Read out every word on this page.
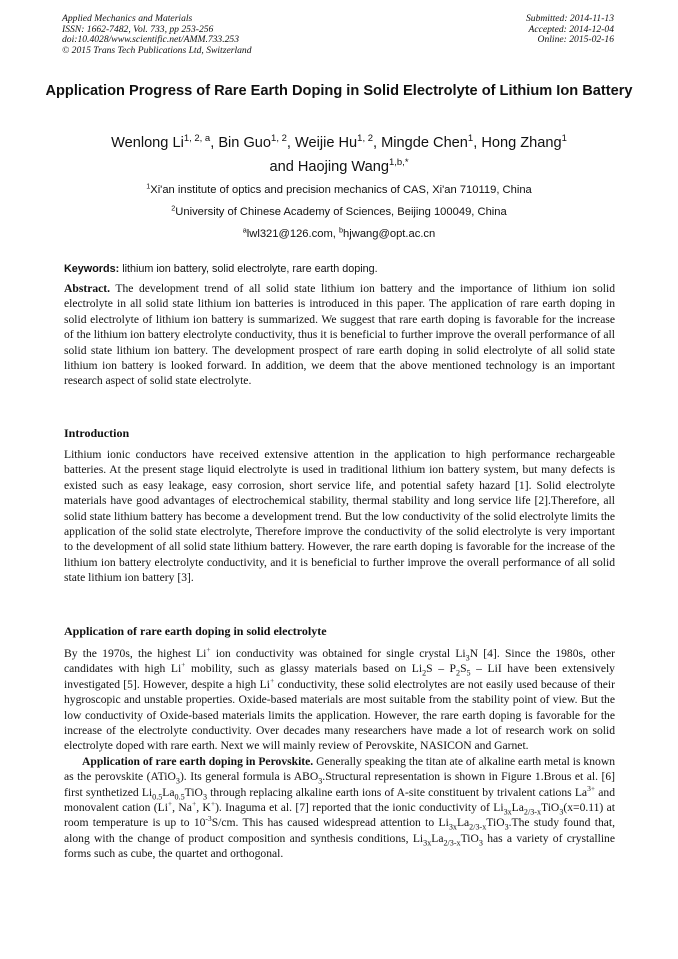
Applied Mechanics and Materials
ISSN: 1662-7482, Vol. 733, pp 253-256
doi:10.4028/www.scientific.net/AMM.733.253
© 2015 Trans Tech Publications Ltd, Switzerland
Submitted: 2014-11-13
Accepted: 2014-12-04
Online: 2015-02-16
Application Progress of Rare Earth Doping in Solid Electrolyte of Lithium Ion Battery
Wenlong Li$^{1, 2, a}$, Bin Guo$^{1, 2}$, Weijie Hu$^{1, 2}$, Mingde Chen$^1$, Hong Zhang$^1$
and Haojing Wang$^{1,b,*}$
$^1$Xi'an institute of optics and precision mechanics of CAS, Xi'an 710119, China
$^2$University of Chinese Academy of Sciences, Beijing 100049, China
$^a$lwl321@126.com, $^b$hjwang@opt.ac.cn
Keywords: lithium ion battery, solid electrolyte, rare earth doping.

Abstract. The development trend of all solid state lithium ion battery and the importance of lithium ion solid electrolyte in all solid state lithium ion batteries is introduced in this paper. The application of rare earth doping in solid electrolyte of lithium ion battery is summarized. We suggest that rare earth doping is favorable for the increase of the lithium ion battery electrolyte conductivity, thus it is beneficial to further improve the overall performance of all solid state lithium ion battery. The development prospect of rare earth doping in solid electrolyte of all solid state lithium ion battery is looked forward. In addition, we deem that the above mentioned technology is an important research aspect of solid state electrolyte.

Introduction

Lithium ionic conductors have received extensive attention in the application to high performance rechargeable batteries. At the present stage liquid electrolyte is used in traditional lithium ion battery system, but many defects is existed such as easy leakage, easy corrosion, short service life, and potential safety hazard [1]. Solid electrolyte materials have good advantages of electrochemical stability, thermal stability and long service life [2].Therefore, all solid state lithium battery has become a development trend. But the low conductivity of the solid electrolyte limits the application of the solid state electrolyte, Therefore improve the conductivity of the solid electrolyte is very important to the development of all solid state lithium battery. However, the rare earth doping is favorable for the increase of the lithium ion battery electrolyte conductivity, and it is beneficial to further improve the overall performance of all solid state lithium ion battery [3].

Application of rare earth doping in solid electrolyte

By the 1970s, the highest Li+ ion conductivity was obtained for single crystal $Li_3N$ [4]. Since the 1980s, other candidates with high Li+ mobility, such as glassy materials based on $Li_2S - P_2S_5$ – LiI have been extensively investigated [5]. However, despite a high Li+ conductivity, these solid electrolytes are not easily used because of their hygroscopic and unstable properties. Oxide-based materials are most suitable from the stability point of view. But the low conductivity of Oxide-based materials limits the application. However, the rare earth doping is favorable for the increase of the electrolyte conductivity. Over decades many researchers have made a lot of research work on solid electrolyte doped with rare earth. Next we will mainly review of Perovskite, NASICON and Garnet.

Application of rare earth doping in Perovskite. Generally speaking the titan ate of alkaline earth metal is known as the perovskite (ATiO$_3$). Its general formula is $ABO_3.Structural$ representation is shown in Figure 1.Brous et al. [6] first synthetized $Li_{0.5}La_{0.5}TiO_3$ through replacing alkaline earth ions of A-site constituent by trivalent cations $La^{3+}$ and monovalent cation (Li+, Na+, K+). Inaguma et al. [7] reported that the ionic conductivity of $Li_{3x}La_{2/3-x}TiO_3(x=0.11)$ at room temperature is up to $10^{-3}S/cm$. This has caused widespread attention to $Li_{3x}La_{2/3-x}TiO_3.The$ study found that, along with the change of product composition and synthesis conditions, $Li_{3x}La_{2/3-x}TiO_3$ has a variety of crystalline forms such as cube, the quartet and orthogonal.
